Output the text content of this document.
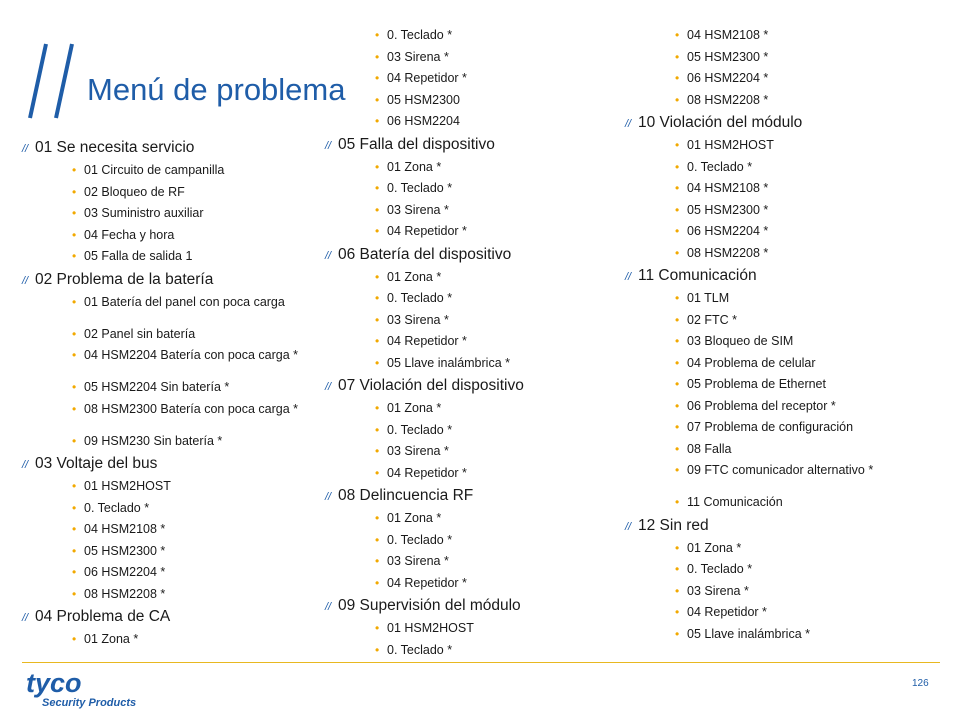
Menú de problema
// 01 Se necesita servicio
• 01 Circuito de campanilla
• 02 Bloqueo de RF
• 03 Suministro auxiliar
• 04 Fecha y hora
• 05 Falla de salida 1
// 02 Problema de la batería
• 01 Batería del panel con poca carga
• 02 Panel sin batería
• 04 HSM2204 Batería con poca carga *
• 05 HSM2204 Sin batería *
• 08 HSM2300 Batería con poca carga *
• 09 HSM230 Sin batería *
// 03 Voltaje del bus
• 01 HSM2HOST
• 0. Teclado *
• 04 HSM2108 *
• 05 HSM2300 *
• 06 HSM2204 *
• 08 HSM2208 *
// 04 Problema de CA
• 01 Zona *
• 0. Teclado *
• 03 Sirena *
• 04 Repetidor *
• 05 HSM2300
• 06 HSM2204
// 05 Falla del dispositivo
• 01 Zona *
• 0. Teclado *
• 03 Sirena *
• 04 Repetidor *
// 06 Batería del dispositivo
• 01 Zona *
• 0. Teclado *
• 03 Sirena *
• 04 Repetidor *
• 05 Llave inalámbrica *
// 07 Violación del dispositivo
• 01 Zona *
• 0. Teclado *
• 03 Sirena *
• 04 Repetidor *
// 08 Delincuencia RF
• 01 Zona *
• 0. Teclado *
• 03 Sirena *
• 04 Repetidor *
// 09 Supervisión del módulo
• 01 HSM2HOST
• 0. Teclado *
• 04 HSM2108 *
• 05 HSM2300 *
• 06 HSM2204 *
• 08 HSM2208 *
// 10 Violación del módulo
• 01 HSM2HOST
• 0. Teclado *
• 04 HSM2108 *
• 05 HSM2300 *
• 06 HSM2204 *
• 08 HSM2208 *
// 11 Comunicación
• 01 TLM
• 02 FTC *
• 03 Bloqueo de SIM
• 04 Problema de celular
• 05 Problema de Ethernet
• 06 Problema del receptor *
• 07 Problema de configuración
• 08 Falla
• 09 FTC comunicador alternativo *
• 11 Comunicación
// 12 Sin red
• 01 Zona *
• 0. Teclado *
• 03 Sirena *
• 04 Repetidor *
• 05 Llave inalámbrica *
tyco
Security Products
126
